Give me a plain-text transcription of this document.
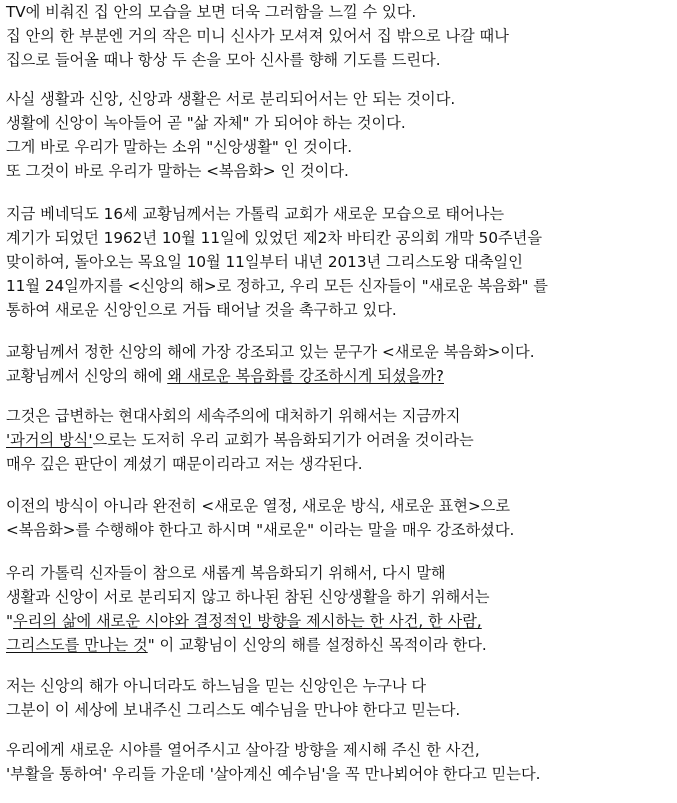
TV에 비춰진 집 안의 모습을 보면 더욱 그러함을 느낄 수 있다.
집 안의 한 부분엔 거의 작은 미니 신사가 모셔져 있어서 집 밖으로 나갈 때나
집으로 들어올 때나 항상 두 손을 모아 신사를 향해 기도를 드린다.
사실 생활과 신앙, 신앙과 생활은 서로 분리되어서는 안 되는 것이다.
생활에 신앙이 녹아들어 곧 "삶 자체" 가 되어야 하는 것이다.
그게 바로 우리가 말하는 소위 "신앙생활" 인 것이다.
또 그것이 바로 우리가 말하는 <복음화> 인 것이다.
지금 베네딕도 16세 교황님께서는 가톨릭 교회가 새로운 모습으로 태어나는
계기가 되었던 1962년 10월 11일에 있었던 제2차 바티칸 공의회 개막 50주년을
맞이하여, 돌아오는 목요일 10월 11일부터 내년 2013년 그리스도왕 대축일인
11월 24일까지를 <신앙의 해>로 정하고, 우리 모든 신자들이 "새로운 복음화" 를
통하여 새로운 신앙인으로 거듭 태어날 것을 촉구하고 있다.
교황님께서 정한 신앙의 해에 가장 강조되고 있는 문구가 <새로운 복음화>이다.
교황님께서 신앙의 해에 왜 새로운 복음화를 강조하시게 되셨을까?
그것은 급변하는 현대사회의 세속주의에 대처하기 위해서는 지금까지
'과거의 방식'으로는 도저히 우리 교회가 복음화되기가 어려울 것이라는
매우 깊은 판단이 계셨기 때문이리라고 저는 생각된다.
이전의 방식이 아니라 완전히 <새로운 열정, 새로운 방식, 새로운 표현>으로
<복음화>를 수행해야 한다고 하시며 "새로운" 이라는 말을 매우 강조하셨다.
우리 가톨릭 신자들이 참으로 새롭게 복음화되기 위해서, 다시 말해
생활과 신앙이 서로 분리되지 않고 하나된 참된 신앙생활을 하기 위해서는
"우리의 삶에 새로운 시야와 결정적인 방향을 제시하는 한 사건, 한 사람,
그리스도를 만나는 것" 이 교황님이 신앙의 해를 설정하신 목적이라 한다.
저는 신앙의 해가 아니더라도 하느님을 믿는 신앙인은 누구나 다
그분이 이 세상에 보내주신 그리스도 예수님을 만나야 한다고 믿는다.
우리에게 새로운 시야를 열어주시고 살아갈 방향을 제시해 주신 한 사건,
'부활을 통하여' 우리들 가운데 '살아계신 예수님'을 꼭 만나뵈어야 한다고 믿는다.
